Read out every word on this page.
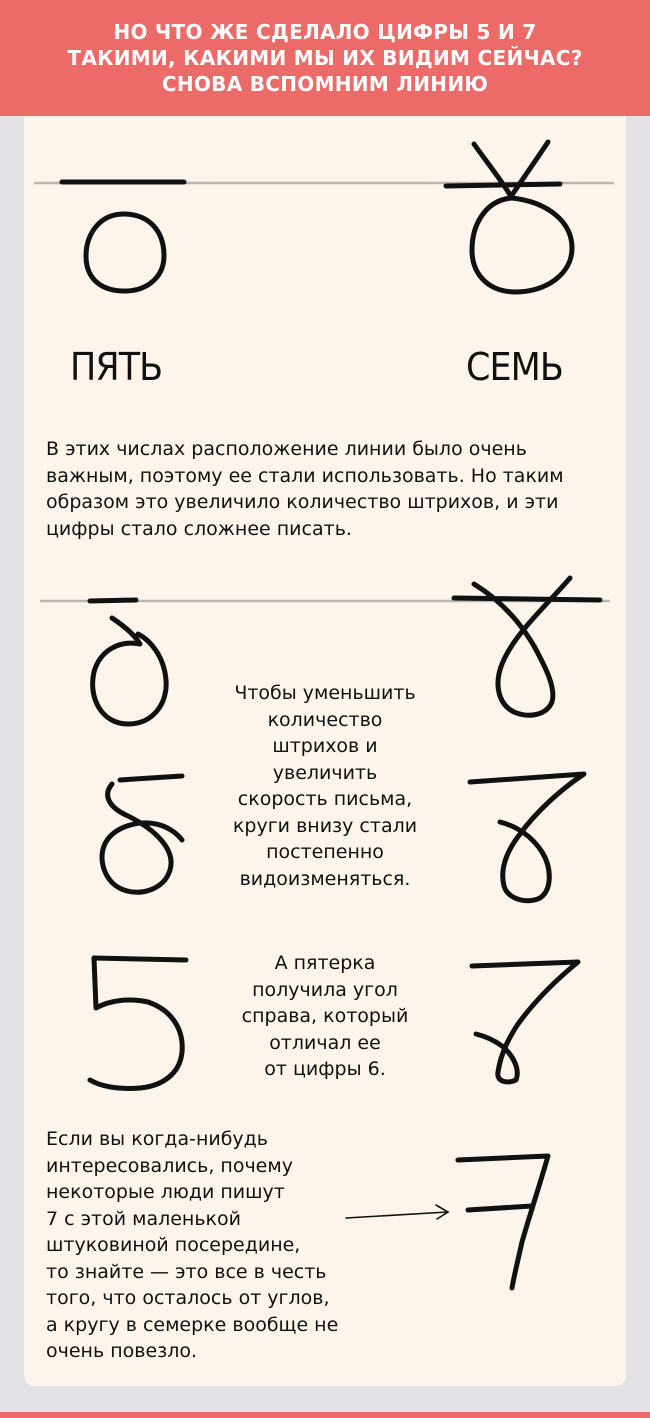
НО ЧТО ЖЕ СДЕЛАЛО ЦИФРЫ 5 И 7
ТАКИМИ, КАКИМИ МЫ ИХ ВИДИМ СЕЙЧАС?
СНОВА ВСПОМНИМ ЛИНИЮ
ПЯТЬ	СЕМЬ
В этих числах расположение линии было очень
важным, поэтому ее стали использовать. Но таким
образом это увеличило количество штрихов, и эти
цифры стало сложнее писать.
Чтобы уменьшить
количество
штрихов и
увеличить
скорость письма,
круги внизу стали
постепенно
видоизменяться.
А пятерка
получила угол
справа, который
отличал ее
от цифры 6.
Если вы когда-нибудь
интересовались, почему
некоторые люди пишут
7 с этой маленькой
штуковиной посередине,
то знайте — это все в честь
того, что осталось от углов,
а кругу в семерке вообще не
очень повезло.
